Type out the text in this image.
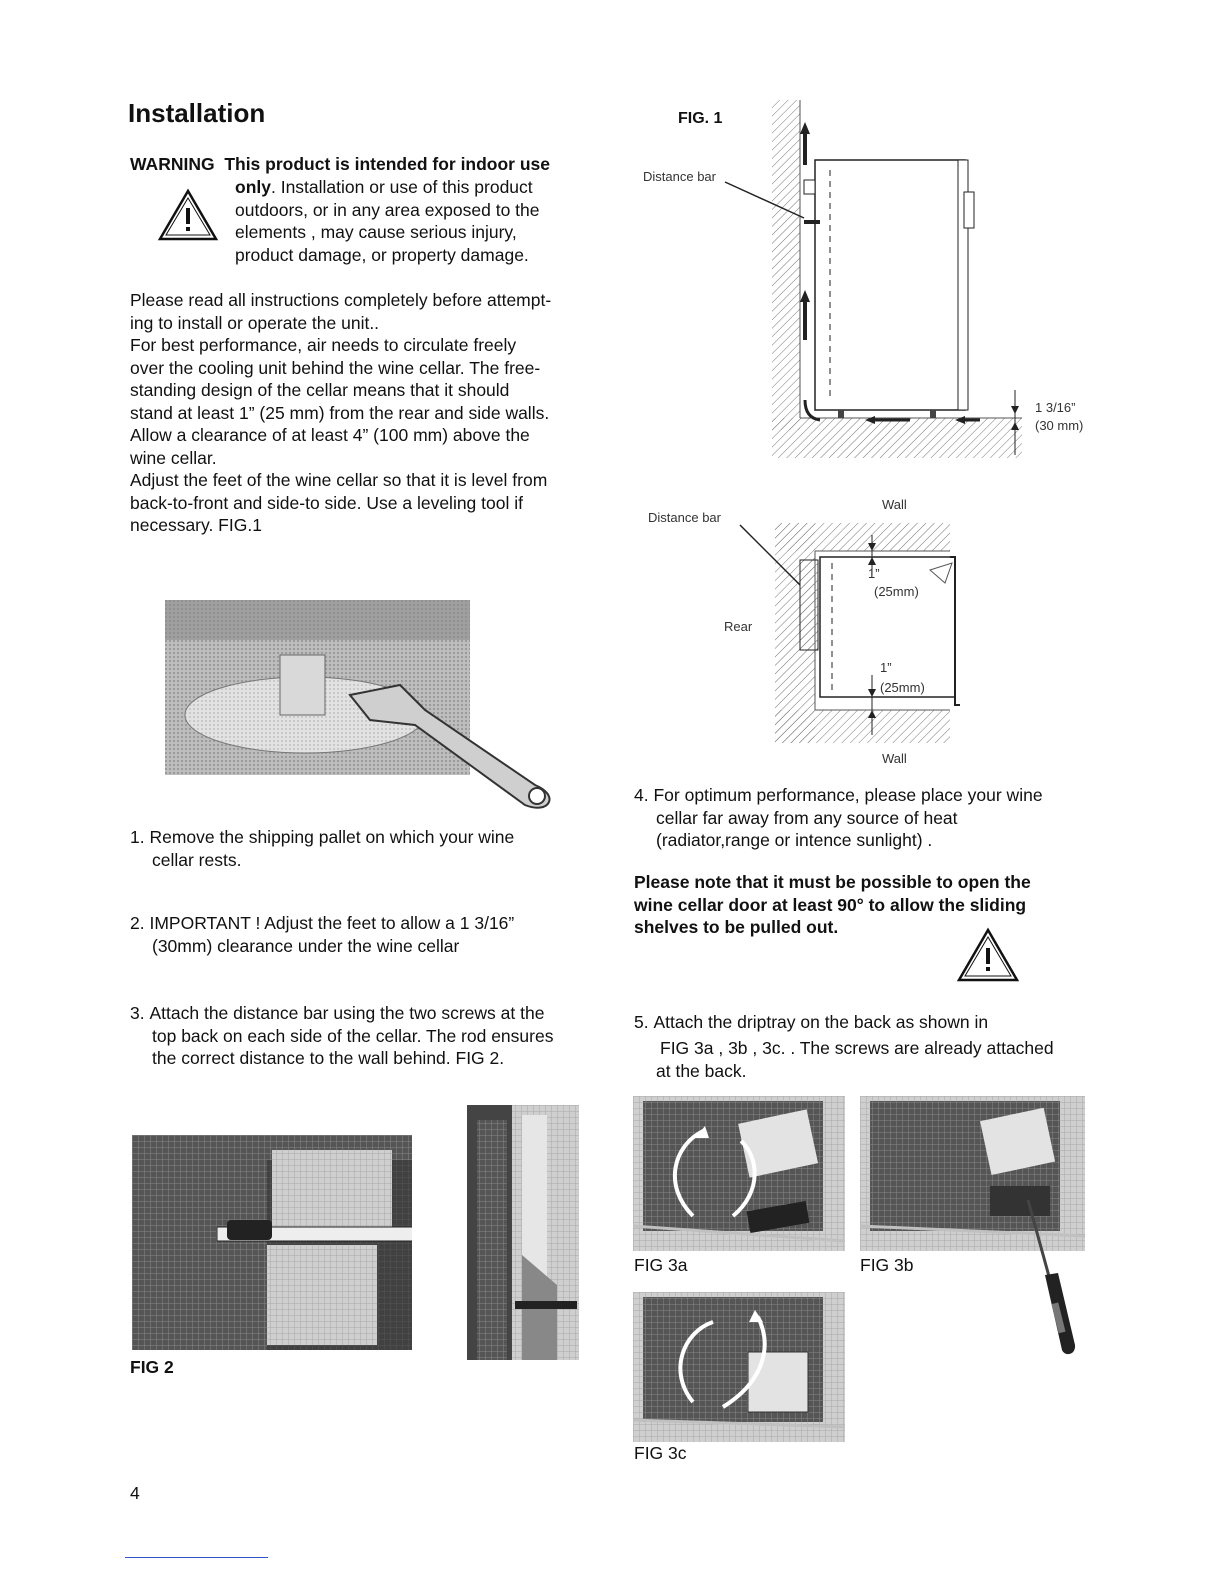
Installation
WARNING This product is intended for indoor use
only. Installation or use of this product
outdoors, or in any area exposed to the
elements , may cause serious injury,
product damage, or property damage.
Please read all instructions completely before attempt-
ing to install or operate the unit..
For best performance, air needs to circulate freely
over the cooling unit behind the wine cellar. The free-
standing design of the cellar means that it should
stand at least 1” (25 mm) from the rear and side walls.
Allow a clearance of at least 4” (100 mm) above the
wine cellar.
Adjust the feet of the wine cellar so that it is level from
back-to-front and side-to side. Use a leveling tool if
necessary. FIG.1
1. Remove the shipping pallet on which your wine
cellar rests.
2. IMPORTANT ! Adjust the feet to allow a 1 3/16”
(30mm) clearance under the wine cellar
3. Attach the distance bar using the two screws at the
top back on each side of the cellar. The rod ensures
the correct distance to the wall behind. FIG 2.
FIG 2
FIG. 1
Distance bar
1 3/16”
(30 mm)
Distance bar
Wall
Rear
Wall
1”
(25mm)
1”
(25mm)
4. For optimum performance, please place your wine
cellar far away from any source of heat
(radiator,range or intence sunlight) .
Please note that it must be possible to open the
wine cellar door at least 90° to allow the sliding
shelves to be pulled out.
5. Attach the driptray on the back as shown in
FIG 3a , 3b , 3c. . The screws are already attached
at the back.
FIG 3a	FIG 3b
FIG 3c
4
